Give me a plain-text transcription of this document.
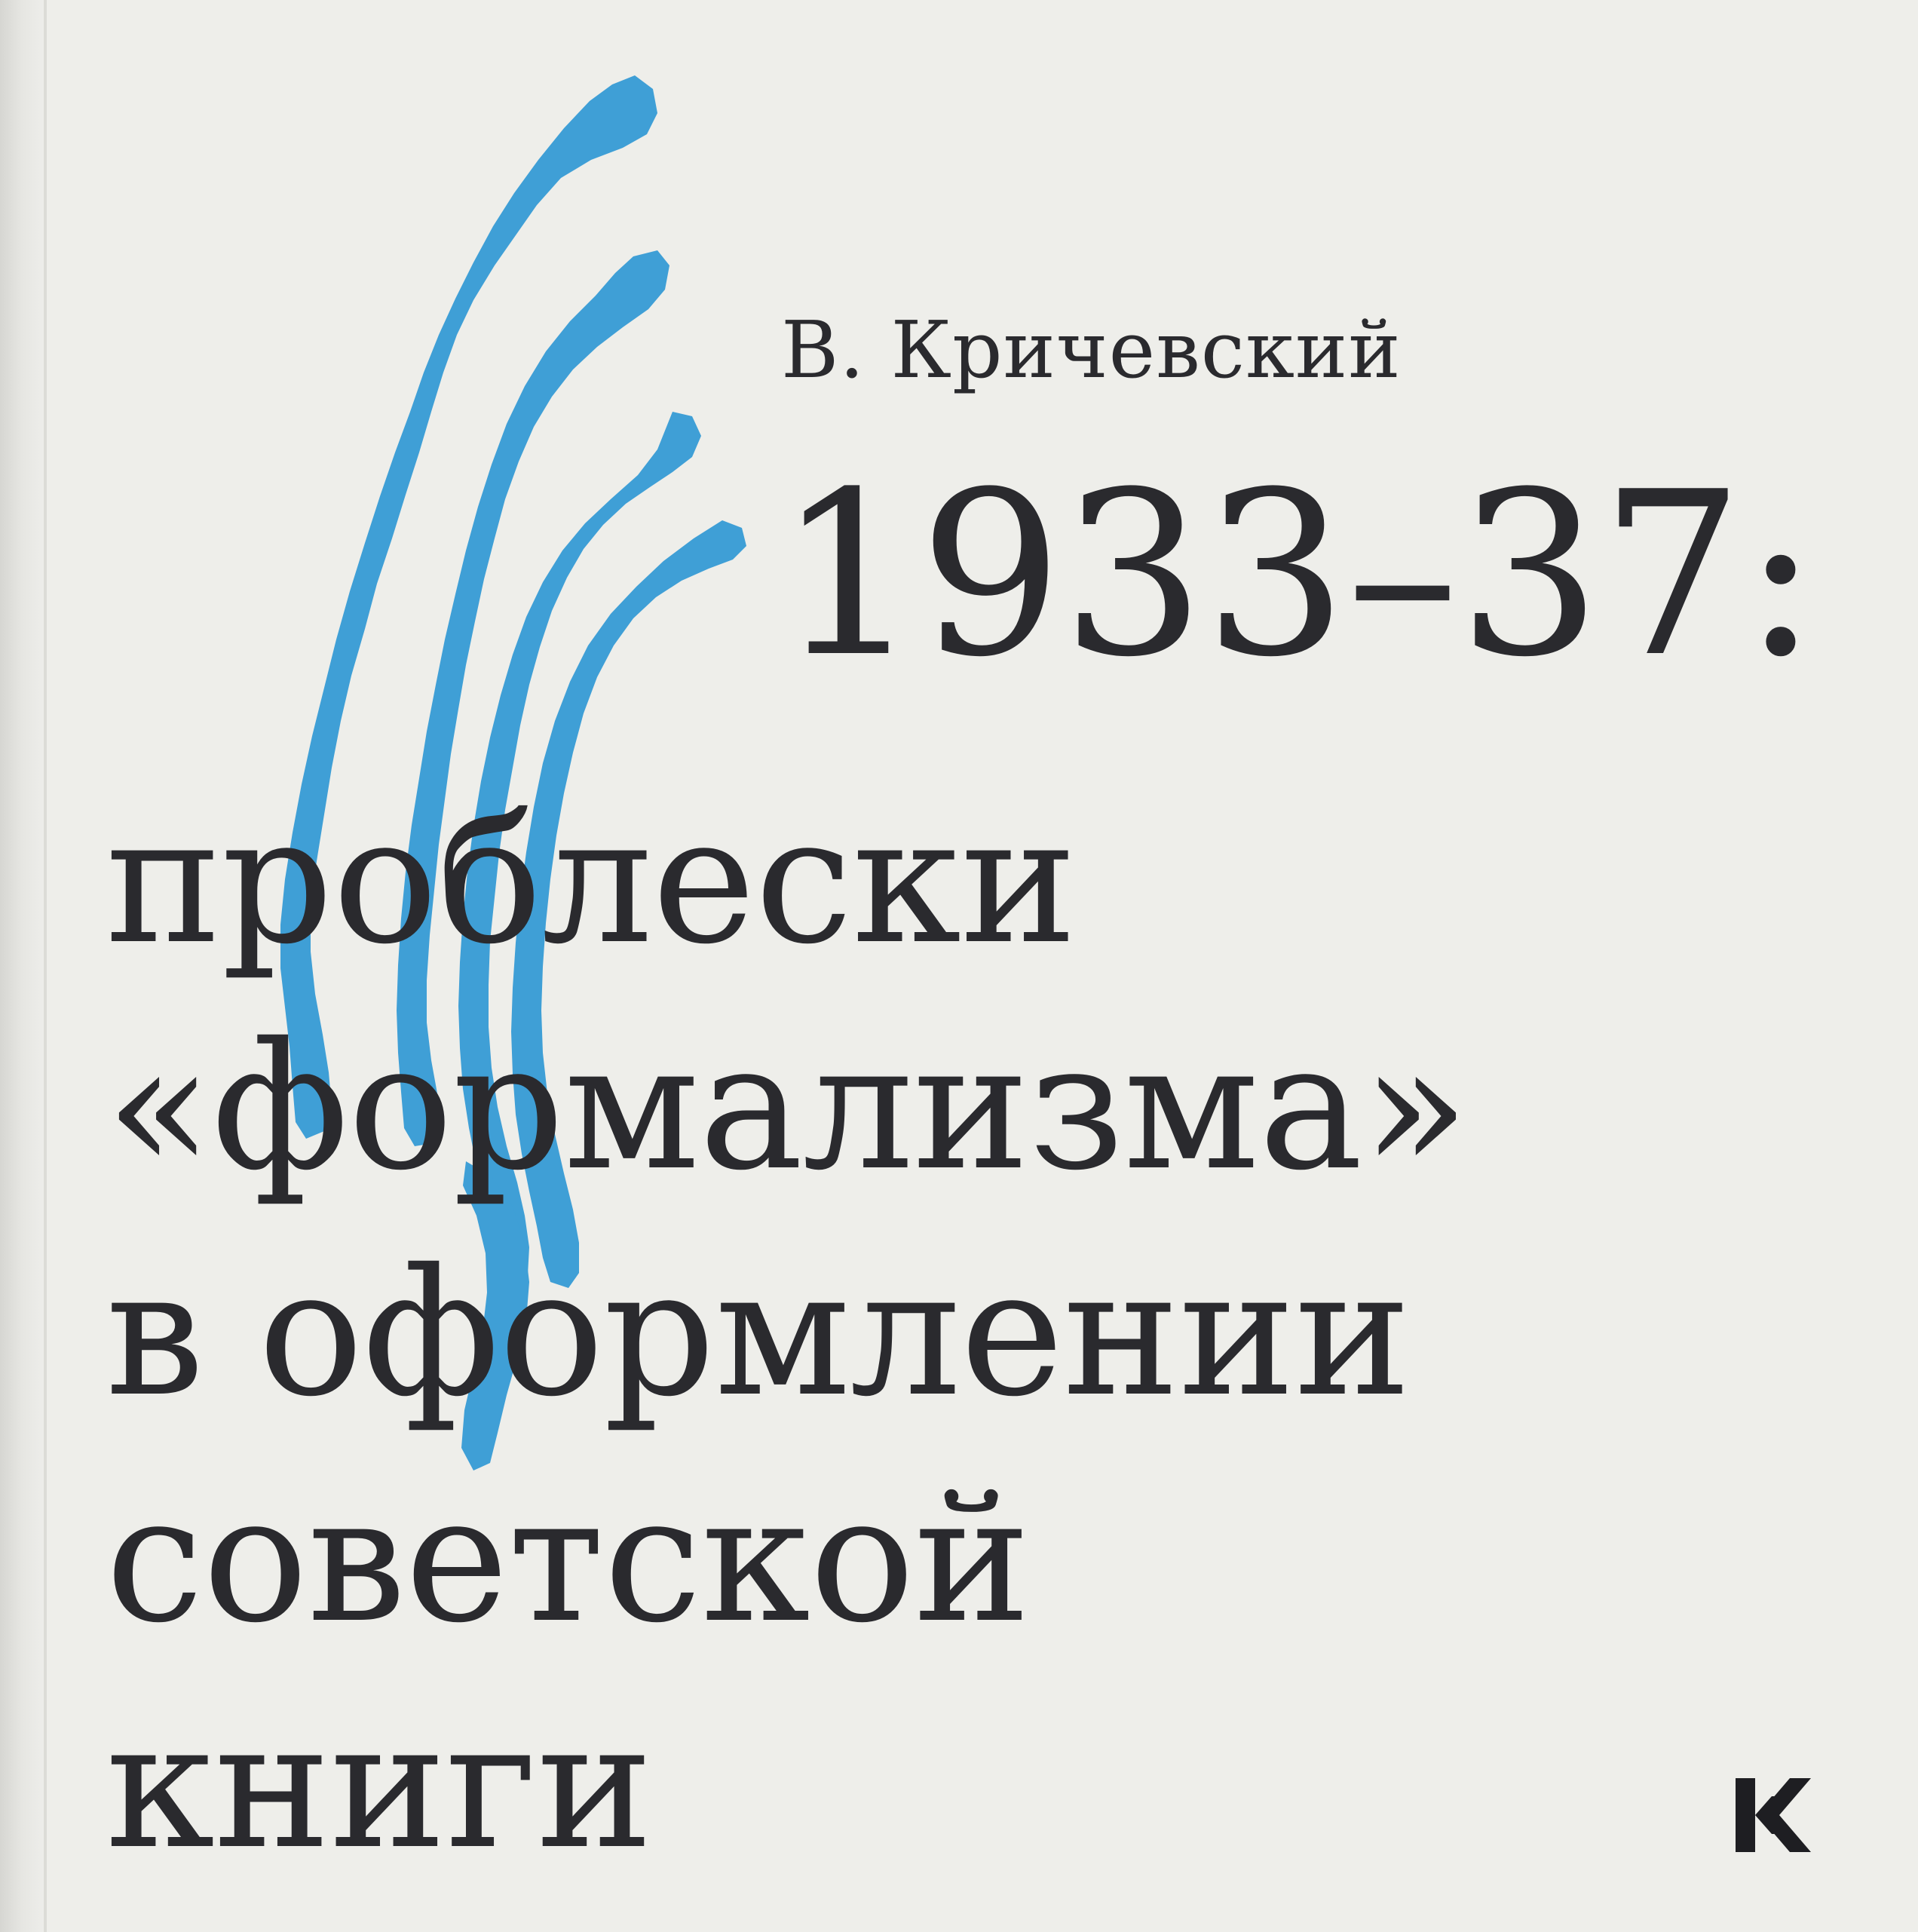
В. Кричевский
1933–37:
проблески
«формализма»
в оформлении
советской
книги
